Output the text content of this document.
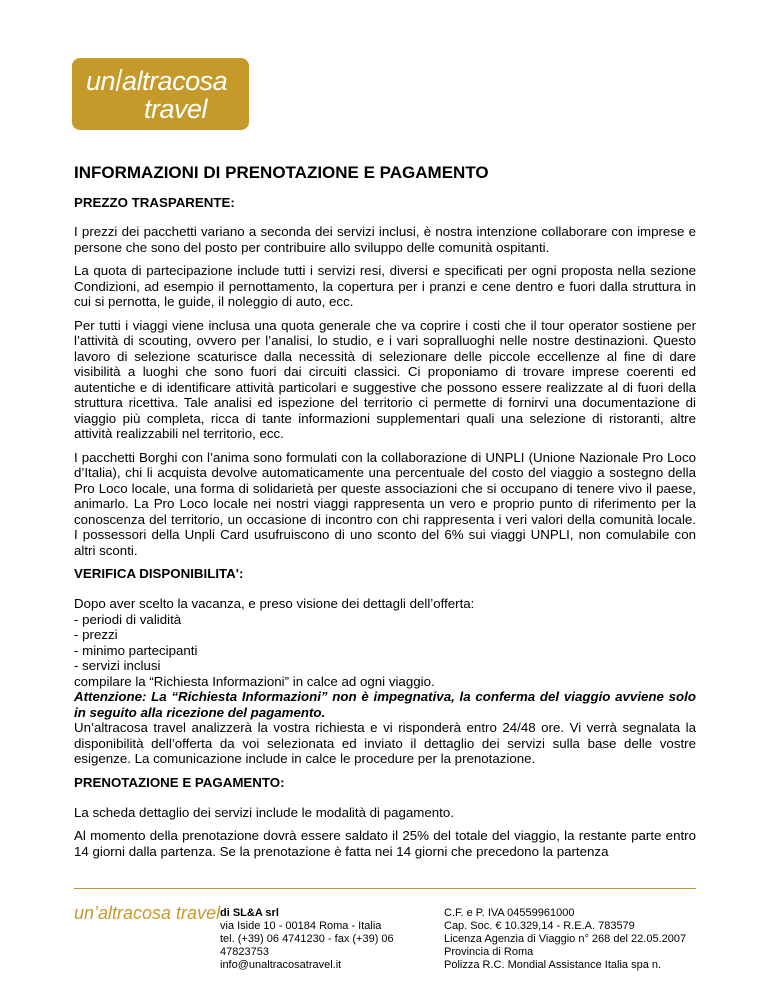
un altracosa
travel
INFORMAZIONI DI PRENOTAZIONE E PAGAMENTO
PREZZO TRASPARENTE:

I prezzi dei pacchetti variano a seconda dei servizi inclusi, è nostra intenzione collaborare con imprese e persone che sono del posto per contribuire allo sviluppo delle comunità ospitanti.

La quota di partecipazione include tutti i servizi resi, diversi e specificati per ogni proposta nella sezione Condizioni, ad esempio il pernottamento, la copertura per i pranzi e cene dentro e fuori dalla struttura in cui si pernotta, le guide, il noleggio di auto, ecc.

Per tutti i viaggi viene inclusa una quota generale che va coprire i costi che il tour operator sostiene per l’attività di scouting, ovvero per l’analisi, lo studio, e i vari sopralluoghi nelle nostre destinazioni. Questo lavoro di selezione scaturisce dalla necessità di selezionare delle piccole eccellenze al fine di dare visibilità a luoghi che sono fuori dai circuiti classici. Ci proponiamo di trovare imprese coerenti ed autentiche e di identificare attività particolari e suggestive che possono essere realizzate al di fuori della struttura ricettiva. Tale analisi ed ispezione del territorio ci permette di fornirvi una documentazione di viaggio più completa, ricca di tante informazioni supplementari quali una selezione di ristoranti, altre attività realizzabili nel territorio, ecc.

I pacchetti Borghi con l’anima sono formulati con la collaborazione di UNPLI (Unione Nazionale Pro Loco d’Italia), chi li acquista devolve automaticamente una percentuale del costo del viaggio a sostegno della Pro Loco locale, una forma di solidarietà per queste associazioni che si occupano di tenere vivo il paese, animarlo. La Pro Loco locale nei nostri viaggi rappresenta un vero e proprio punto di riferimento per la conoscenza del territorio, un occasione di incontro con chi rappresenta i veri valori della comunità locale. I possessori della Unpli Card usufruiscono di uno sconto del 6% sui viaggi UNPLI, non comulabile con altri sconti.

VERIFICA DISPONIBILITA':

Dopo aver scelto la vacanza, e preso visione dei dettagli dell’offerta:

- periodi di validità

- prezzi

- minimo partecipanti

- servizi inclusi

compilare la “Richiesta Informazioni” in calce ad ogni viaggio.

Attenzione: La “Richiesta Informazioni” non è impegnativa, la conferma del viaggio avviene solo in seguito alla ricezione del pagamento.

Un’altracosa travel analizzerà la vostra richiesta e vi risponderà entro 24/48 ore. Vi verrà segnalata la disponibilità dell’offerta da voi selezionata ed inviato il dettaglio dei servizi sulla base delle vostre esigenze. La comunicazione include in calce le procedure per la prenotazione.

PRENOTAZIONE E PAGAMENTO:

La scheda dettaglio dei servizi include le modalità di pagamento.

Al momento della prenotazione dovrà essere saldato il 25% del totale del viaggio, la restante parte entro 14 giorni dalla partenza. Se la prenotazione è fatta nei 14 giorni che precedono la partenza

un’altracosa travel di SL&A srl
via Iside 10 - 00184 Roma - Italia
tel. (+39) 06 4741230 - fax (+39) 06 47823753
info@unaltracosatravel.it
C.F. e P. IVA 04559961000
Cap. Soc. € 10.329,14 - R.E.A. 783579
Licenza Agenzia di Viaggio n° 268 del 22.05.2007
Provincia di Roma
Polizza R.C. Mondial Assistance Italia spa n.
